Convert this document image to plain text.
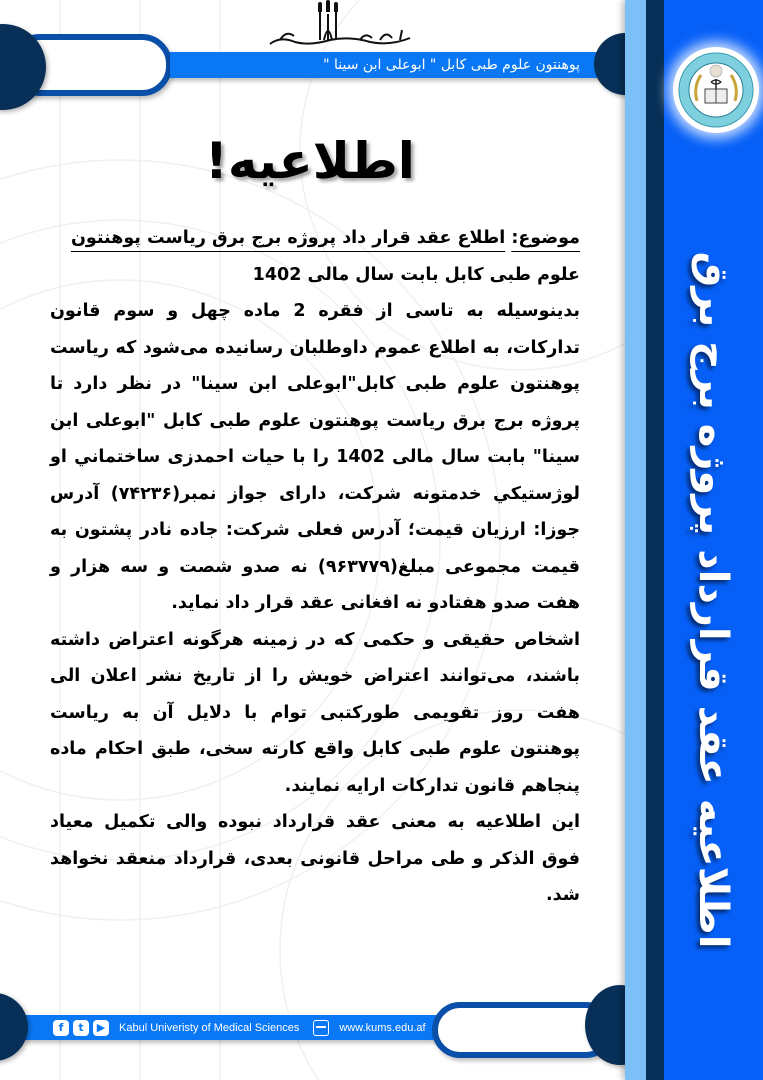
اطلاعیه عقد قرارداد پروژه برج برق
پوهنتون علوم طبی کابل " ابوعلی ابن سینا "
اطلاعیه!

موضوع: اطلاع عقد قرار داد پروژه برج برق ریاست پوهنتون

علوم طبی کابل بابت سال مالی 1402

بدینوسیله به تاسی از فقره 2 ماده چهل و سوم قانون تدارکات، به اطلاع عموم داوطلبان رسانیده می‌شود که ریاست پوهنتون علوم طبی کابل"ابوعلی ابن سینا" در نظر دارد تا پروژه برج برق ریاست پوهنتون علوم طبی کابل "ابوعلی ابن سینا" بابت سال مالی 1402 را با حیات احمدزی ساختماني او لوژستیکي خدمتونه شرکت، دارای جواز نمبر(۷۴۲۳۶) آدرس جوزا: ارزیان قیمت؛ آدرس فعلی شرکت: جاده نادر پشتون به قیمت مجموعی مبلغ(۹۶۳۷۷۹) نه صدو شصت و سه هزار و هفت صدو هفتادو نه افغانی عقد قرار داد نماید.

اشخاص حقیقی و حکمی که در زمینه هرگونه اعتراض داشته باشند، می‌توانند اعتراض خویش را از تاریخ نشر اعلان الی هفت روز تقویمی طورکتبی توام با دلایل آن به ریاست پوهنتون علوم طبی کابل واقع کارته سخی، طبق احکام ماده پنجاهم قانون تدارکات ارایه نمایند.

این اطلاعیه به معنی عقد قرارداد نبوده والی تکمیل معیاد فوق الذکر و طی مراحل قانونی بعدی، قرارداد منعقد نخواهد شد.

f	t	▶	Kabul Univeristy of Medical Sciences	www.kums.edu.af
